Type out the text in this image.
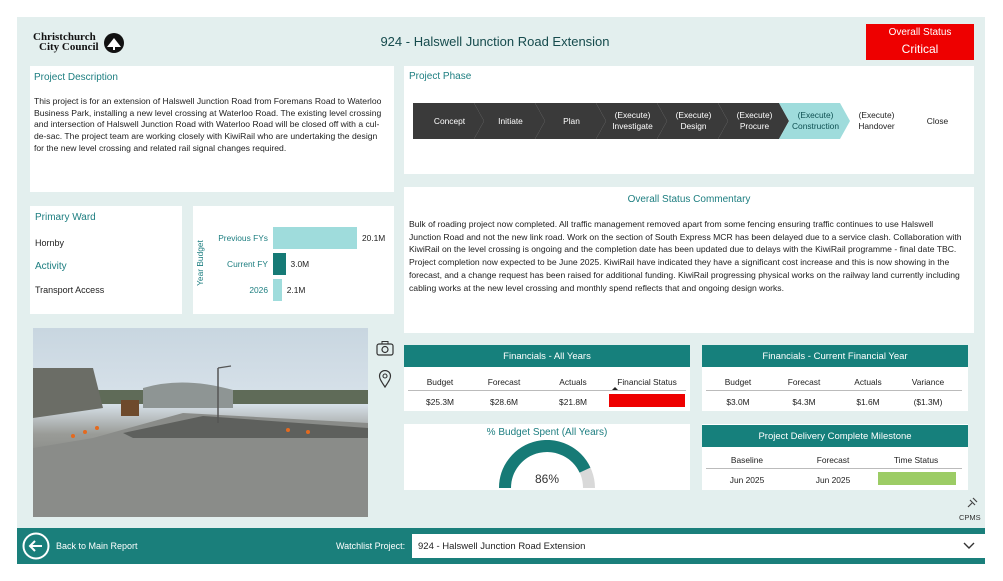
Christchurch
City Council	924 - Halswell Junction Road Extension
Overall Status
Critical
Project Description
This project is for an extension of Halswell Junction Road from Foremans Road to Waterloo Business Park, installing a new level crossing at Waterloo Road. The existing level crossing and intersection of Halswell Junction Road with Waterloo Road will be closed off with a cul-de-sac. The project team are working closely with KiwiRail who are undertaking the design for the new level crossing and related rail signal changes required.
Project Phase
Concept	Initiate	Plan
(Execute)
Investigate
(Execute)
Design
(Execute)
Procure
(Execute)
Construction
(Execute)
Handover
Close
Primary Ward
Hornby
Activity
Transport Access
Year Budget
Previous FYs	20.1M
Current FY	3.0M
2026 2.1M
Overall Status Commentary
Bulk of roading project now completed. All traffic management removed apart from some fencing ensuring traffic continues to use Halswell Junction Road and not the new link road. Work on the section of South Express MCR has been delayed due to a service clash. Collaboration with KiwiRail on the level crossing is ongoing and the completion date has been updated due to delays with the KiwiRail programme - final date TBC. Project completion now expected to be June 2025. KiwiRail have indicated they have a significant cost increase and this is now showing in the forecast, and a change request has been raised for additional funding. KiwiRail progressing physical works on the railway land currently including cabling works at the new level crossing and monthly spend reflects that and ongoing design works.
Financials - All Years
Budget	Forecast	Actuals	Financial Status
$25.3M	$28.6M	$21.8M
Financials - Current Financial Year
Budget	Forecast	Actuals	Variance
$3.0M	$4.3M	$1.6M	($1.3M)
% Budget Spent (All Years)
86%
Project Delivery Complete Milestone
Baseline	Forecast	Time Status
Jun 2025	Jun 2025
CPMS
Back to Main Report	Watchlist Project: 924 - Halswell Junction Road Extension
